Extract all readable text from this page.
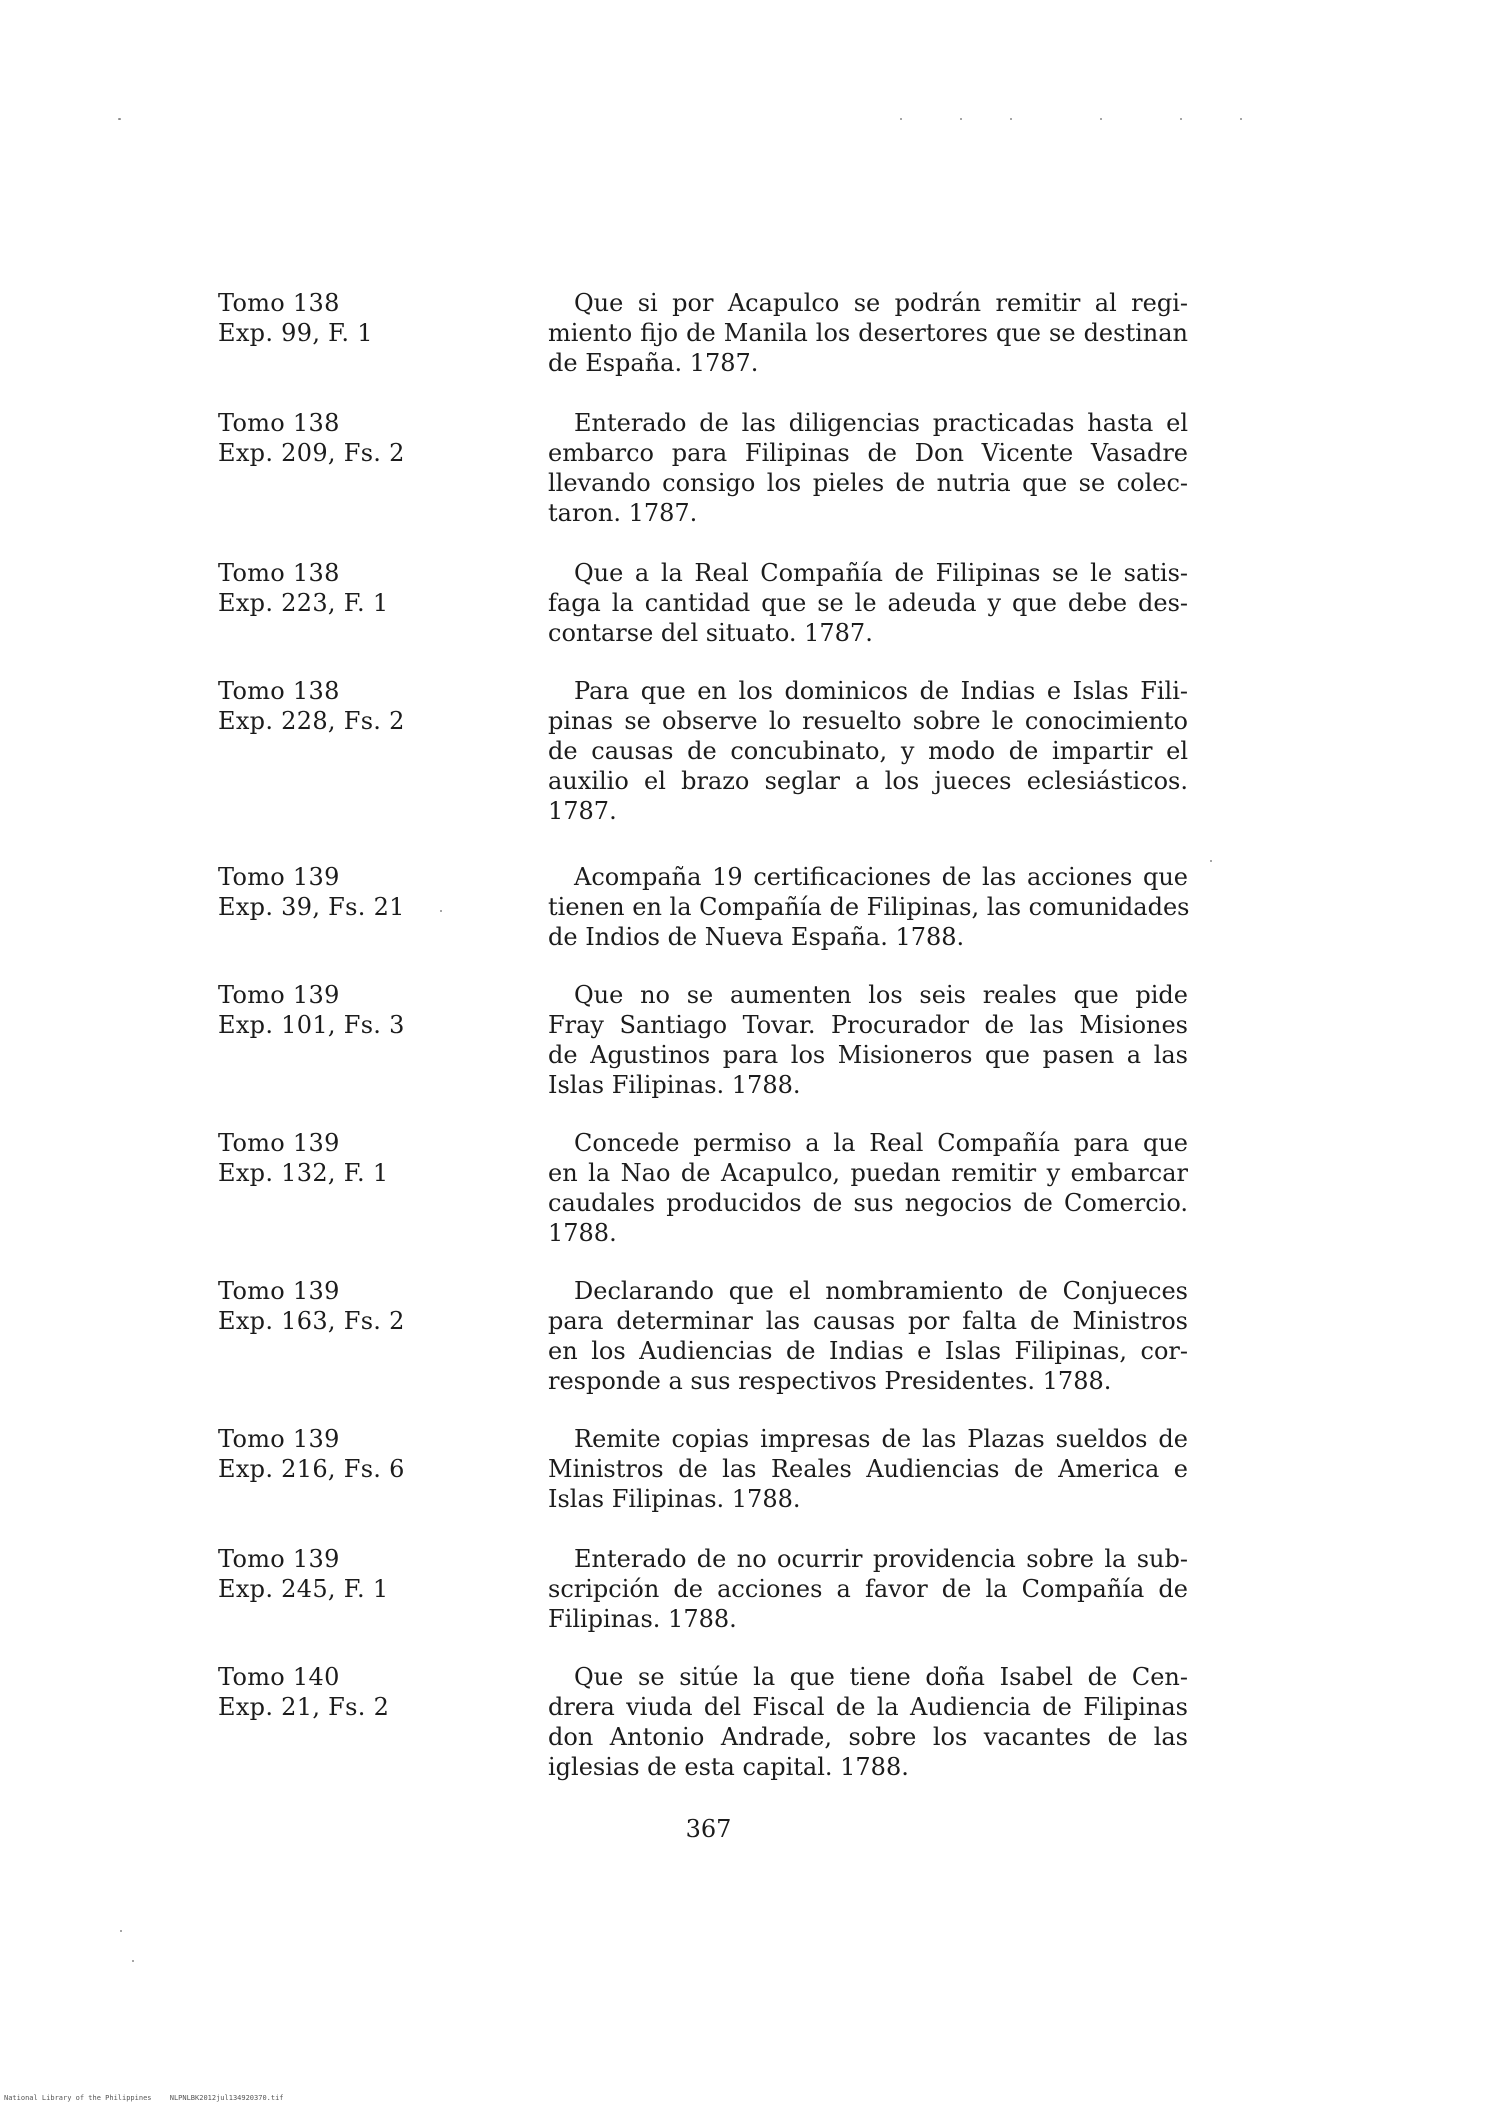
Tomo 138
Exp. 99, F. 1
Que si por Acapulco se podrán remitir al regi-
miento fijo de Manila los desertores que se destinan
de España. 1787.
Tomo 138
Exp. 209, Fs. 2
Enterado de las diligencias practicadas hasta el
embarco para Filipinas de Don Vicente Vasadre
llevando consigo los pieles de nutria que se colec-
taron. 1787.
Tomo 138
Exp. 223, F. 1
Que a la Real Compañía de Filipinas se le satis-
faga la cantidad que se le adeuda y que debe des-
contarse del situato. 1787.
Tomo 138
Exp. 228, Fs. 2
Para que en los dominicos de Indias e Islas Fili-
pinas se observe lo resuelto sobre le conocimiento
de causas de concubinato, y modo de impartir el
auxilio el brazo seglar a los jueces eclesiásticos.
1787.
Tomo 139
Exp. 39, Fs. 21
Acompaña 19 certificaciones de las acciones que
tienen en la Compañía de Filipinas, las comunidades
de Indios de Nueva España. 1788.
Tomo 139
Exp. 101, Fs. 3
Que no se aumenten los seis reales que pide
Fray Santiago Tovar. Procurador de las Misiones
de Agustinos para los Misioneros que pasen a las
Islas Filipinas. 1788.
Tomo 139
Exp. 132, F. 1
Concede permiso a la Real Compañía para que
en la Nao de Acapulco, puedan remitir y embarcar
caudales producidos de sus negocios de Comercio.
1788.
Tomo 139
Exp. 163, Fs. 2
Declarando que el nombramiento de Conjueces
para determinar las causas por falta de Ministros
en los Audiencias de Indias e Islas Filipinas, cor-
responde a sus respectivos Presidentes. 1788.
Tomo 139
Exp. 216, Fs. 6
Remite copias impresas de las Plazas sueldos de
Ministros de las Reales Audiencias de America e
Islas Filipinas. 1788.
Tomo 139
Exp. 245, F. 1
Enterado de no ocurrir providencia sobre la sub-
scripción de acciones a favor de la Compañía de
Filipinas. 1788.
Tomo 140
Exp. 21, Fs. 2
Que se sitúe la que tiene doña Isabel de Cen-
drera viuda del Fiscal de la Audiencia de Filipinas
don Antonio Andrade, sobre los vacantes de las
iglesias de esta capital. 1788.
367
National Library of the Philippines	NLPNLBK2012jul134920370.tif
